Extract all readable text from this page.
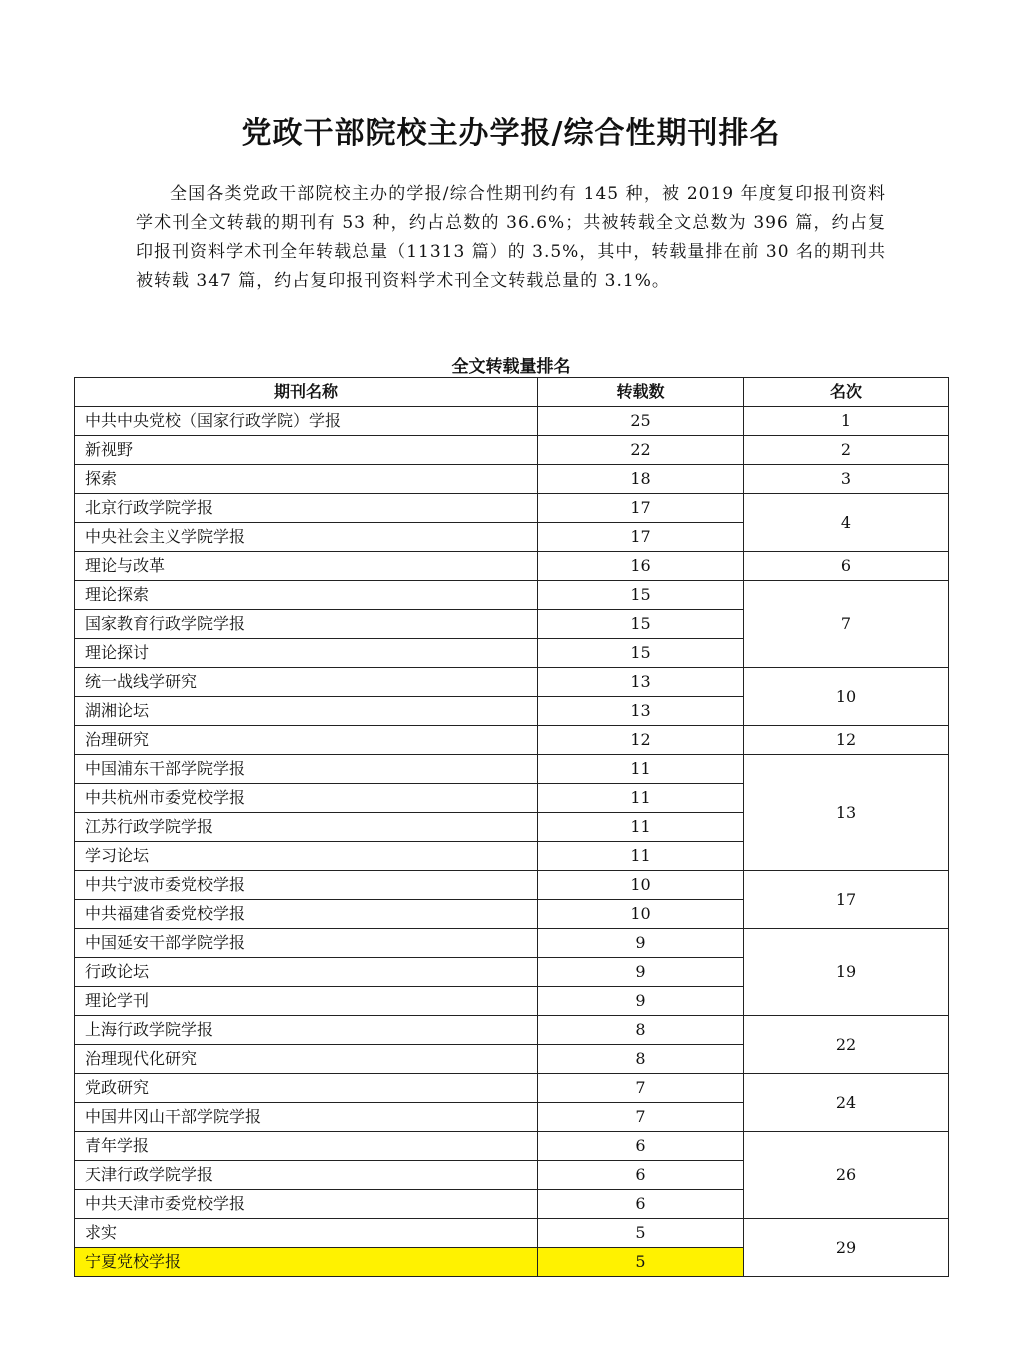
党政干部院校主办学报/综合性期刊排名

全国各类党政干部院校主办的学报/综合性期刊约有 145 种，被 2019 年度复印报刊资料学术刊全文转载的期刊有 53 种，约占总数的 36.6%；共被转载全文总数为 396 篇，约占复印报刊资料学术刊全年转载总量（11313 篇）的 3.5%，其中，转载量排在前 30 名的期刊共被转载 347 篇，约占复印报刊资料学术刊全文转载总量的 3.1%。

全文转载量排名
期刊名称	转载数	名次
中共中央党校（国家行政学院）学报	25	1
新视野	22	2
探索	18	3
北京行政学院学报	17	4
中央社会主义学院学报	17	
理论与改革	16	6
理论探索	15	7
国家教育行政学院学报	15	
理论探讨	15	
统一战线学研究	13	10
湖湘论坛	13	
治理研究	12	12
中国浦东干部学院学报	11	13
中共杭州市委党校学报	11	
江苏行政学院学报	11	
学习论坛	11	
中共宁波市委党校学报	10	17
中共福建省委党校学报	10	
中国延安干部学院学报	9	19
行政论坛	9	
理论学刊	9	
上海行政学院学报	8	22
治理现代化研究	8	
党政研究	7	24
中国井冈山干部学院学报	7	
青年学报	6	26
天津行政学院学报	6	
中共天津市委党校学报	6	
求实	5	29
宁夏党校学报	5	
